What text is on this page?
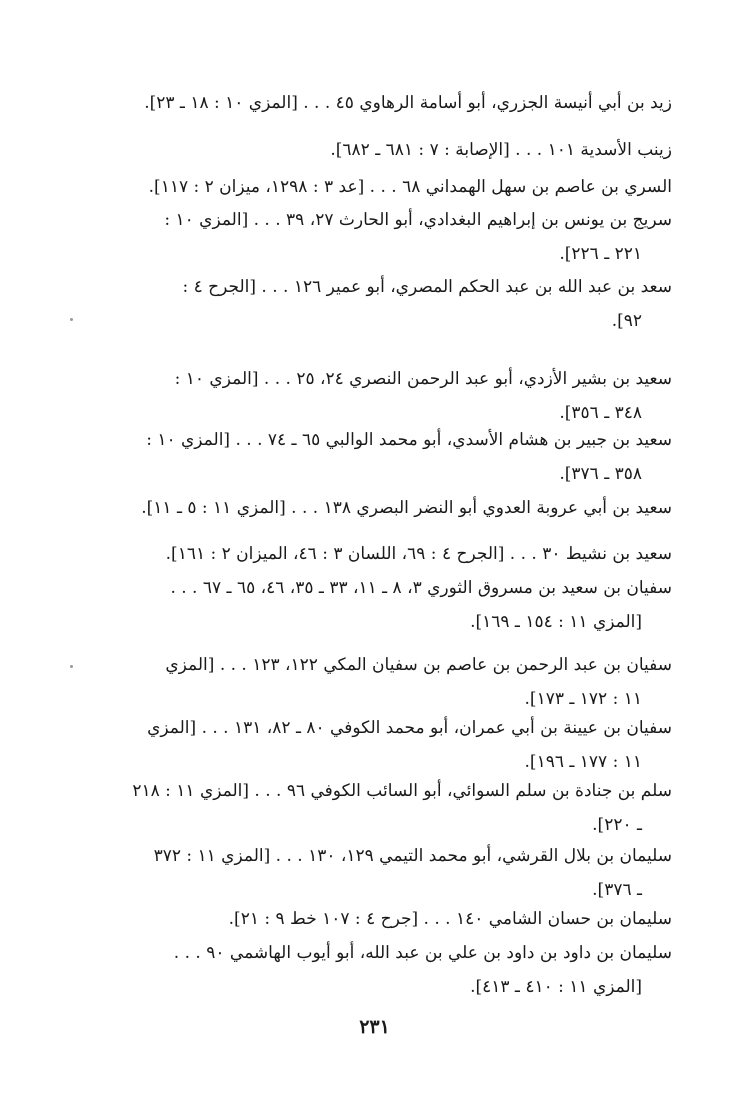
زيد بن أبي أنيسة الجزري، أبو أسامة الرهاوي ٤٥ . . . [المزي ١٠ : ١٨ ـ ٢٣].
زينب الأسدية ١٠١ . . . [الإصابة : ٧ : ٦٨١ ـ ٦٨٢].
السري بن عاصم بن سهل الهمداني ٦٨ . . . [عد ٣ : ١٢٩٨، ميزان ٢ : ١١٧].
سريج بن يونس بن إبراهيم البغدادي، أبو الحارث ٢٧، ٣٩ . . . [المزي ١٠ :
٢٢١ ـ ٢٢٦].
سعد بن عبد الله بن عبد الحكم المصري، أبو عمير ١٢٦ . . . [الجرح ٤ :
٩٢].
سعيد بن بشير الأزدي، أبو عبد الرحمن النصري ٢٤، ٢٥ . . . [المزي ١٠ :
٣٤٨ ـ ٣٥٦].
سعيد بن جبير بن هشام الأسدي، أبو محمد الوالبي ٦٥ ـ ٧٤ . . . [المزي ١٠ :
٣٥٨ ـ ٣٧٦].
سعيد بن أبي عروبة العدوي أبو النضر البصري ١٣٨ . . . [المزي ١١ : ٥ ـ ١١].
سعيد بن نشيط ٣٠ . . . [الجرح ٤ : ٦٩، اللسان ٣ : ٤٦، الميزان ٢ : ١٦١].
سفيان بن سعيد بن مسروق الثوري ٣، ٨ ـ ١١، ٣٣ ـ ٣٥، ٤٦، ٦٥ ـ ٦٧ . . .
[المزي ١١ : ١٥٤ ـ ١٦٩].
سفيان بن عبد الرحمن بن عاصم بن سفيان المكي ١٢٢، ١٢٣ . . . [المزي
١١ : ١٧٢ ـ ١٧٣].
سفيان بن عيينة بن أبي عمران، أبو محمد الكوفي ٨٠ ـ ٨٢، ١٣١ . . . [المزي
١١ : ١٧٧ ـ ١٩٦].
سلم بن جنادة بن سلم السوائي، أبو السائب الكوفي ٩٦ . . . [المزي ١١ : ٢١٨
ـ ٢٢٠].
سليمان بن بلال القرشي، أبو محمد التيمي ١٢٩، ١٣٠ . . . [المزي ١١ : ٣٧٢
ـ ٣٧٦].
سليمان بن حسان الشامي ١٤٠ . . . [جرح ٤ : ١٠٧ خط ٩ : ٢١].
سليمان بن داود بن داود بن علي بن عبد الله، أبو أيوب الهاشمي ٩٠ . . .
[المزي ١١ : ٤١٠ ـ ٤١٣].
٢٣١
